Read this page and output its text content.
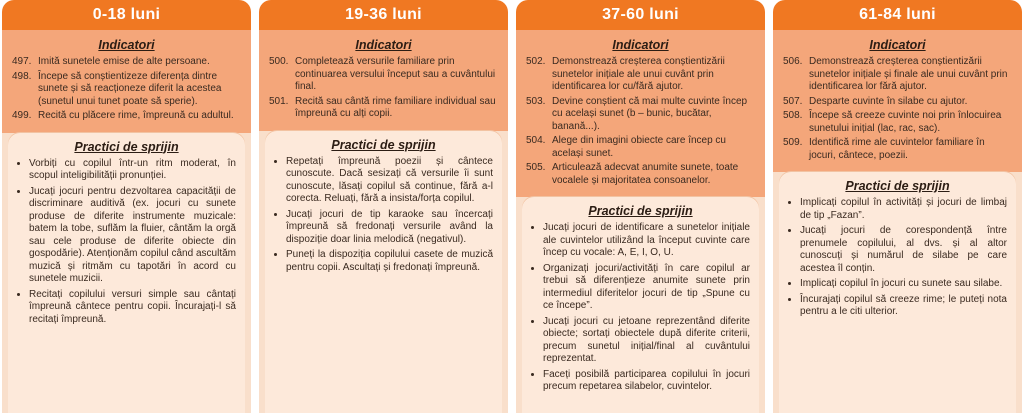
0-18 luni
Indicatori
497. Imită sunetele emise de alte persoane.
498. Începe să conștientizeze diferența dintre sunete și să reacționeze diferit la acestea (sunetul unui tunet poate să sperie).
499. Recită cu plăcere rime, împreună cu adultul.
Practici de sprijin
• Vorbiți cu copilul într-un ritm moderat, în scopul inteligibilității pronunției.
• Jucați jocuri pentru dezvoltarea capacității de discriminare auditivă (ex. jocuri cu sunete produse de diferite instrumente muzicale: batem la tobe, suflăm la fluier, cântăm la orgă sau cele produse de diferite obiecte din gospodărie). Atenționăm copilul când ascultăm muzică și ritmăm cu tapotări în acord cu sunetele muzicii.
• Recitați copilului versuri simple sau cântați împreună cântece pentru copii. Încurajați-l să recitați împreună.
19-36 luni
Indicatori
500. Completează versurile familiare prin continuarea versului început sau a cuvântului final.
501. Recită sau cântă rime familiare individual sau împreună cu alți copii.
Practici de sprijin
• Repetați împreună poezii și cântece cunoscute. Dacă sesizați că versurile îi sunt cunoscute, lăsați copilul să continue, fără a-l corecta. Reluați, fără a insista/forța copilul.
• Jucați jocuri de tip karaoke sau încercați împreună să fredonați versurile având la dispoziție doar linia melodică (negativul).
• Puneți la dispoziția copilului casete de muzică pentru copii. Ascultați și fredonați împreună.
37-60 luni
Indicatori
502. Demonstrează creșterea conștientizării sunetelor inițiale ale unui cuvânt prin identificarea lor cu/fără ajutor.
503. Devine conștient că mai multe cuvinte încep cu același sunet (b – bunic, bucătar, banană...).
504. Alege din imagini obiecte care încep cu același sunet.
505. Articulează adecvat anumite sunete, toate vocalele și majoritatea consoanelor.
Practici de sprijin
• Jucați jocuri de identificare a sunetelor inițiale ale cuvintelor utilizând la început cuvinte care încep cu vocale: A, E, I, O, U.
• Organizați jocuri/activități în care copilul ar trebui să diferențieze anumite sunete prin intermediul diferitelor jocuri de tip „Spune cu ce începe”.
• Jucați jocuri cu jetoane reprezentând diferite obiecte; sortați obiectele după diferite criterii, precum sunetul inițial/final al cuvântului reprezentat.
• Faceți posibilă participarea copilului în jocuri precum repetarea silabelor, cuvintelor.
61-84 luni
Indicatori
506. Demonstrează creșterea conștientizării sunetelor inițiale și finale ale unui cuvânt prin identificarea lor fără ajutor.
507. Desparte cuvinte în silabe cu ajutor.
508. Începe să creeze cuvinte noi prin înlocuirea sunetului inițial (lac, rac, sac).
509. Identifică rime ale cuvintelor familiare în jocuri, cântece, poezii.
Practici de sprijin
• Implicați copilul în activități și jocuri de limbaj de tip „Fazan”.
• Jucați jocuri de corespondență între prenumele copilului, al dvs. și al altor cunoscuți și numărul de silabe pe care acestea îl conțin.
• Implicați copilul în jocuri cu sunete sau silabe.
• Încurajați copilul să creeze rime; le puteți nota pentru a le citi ulterior.
